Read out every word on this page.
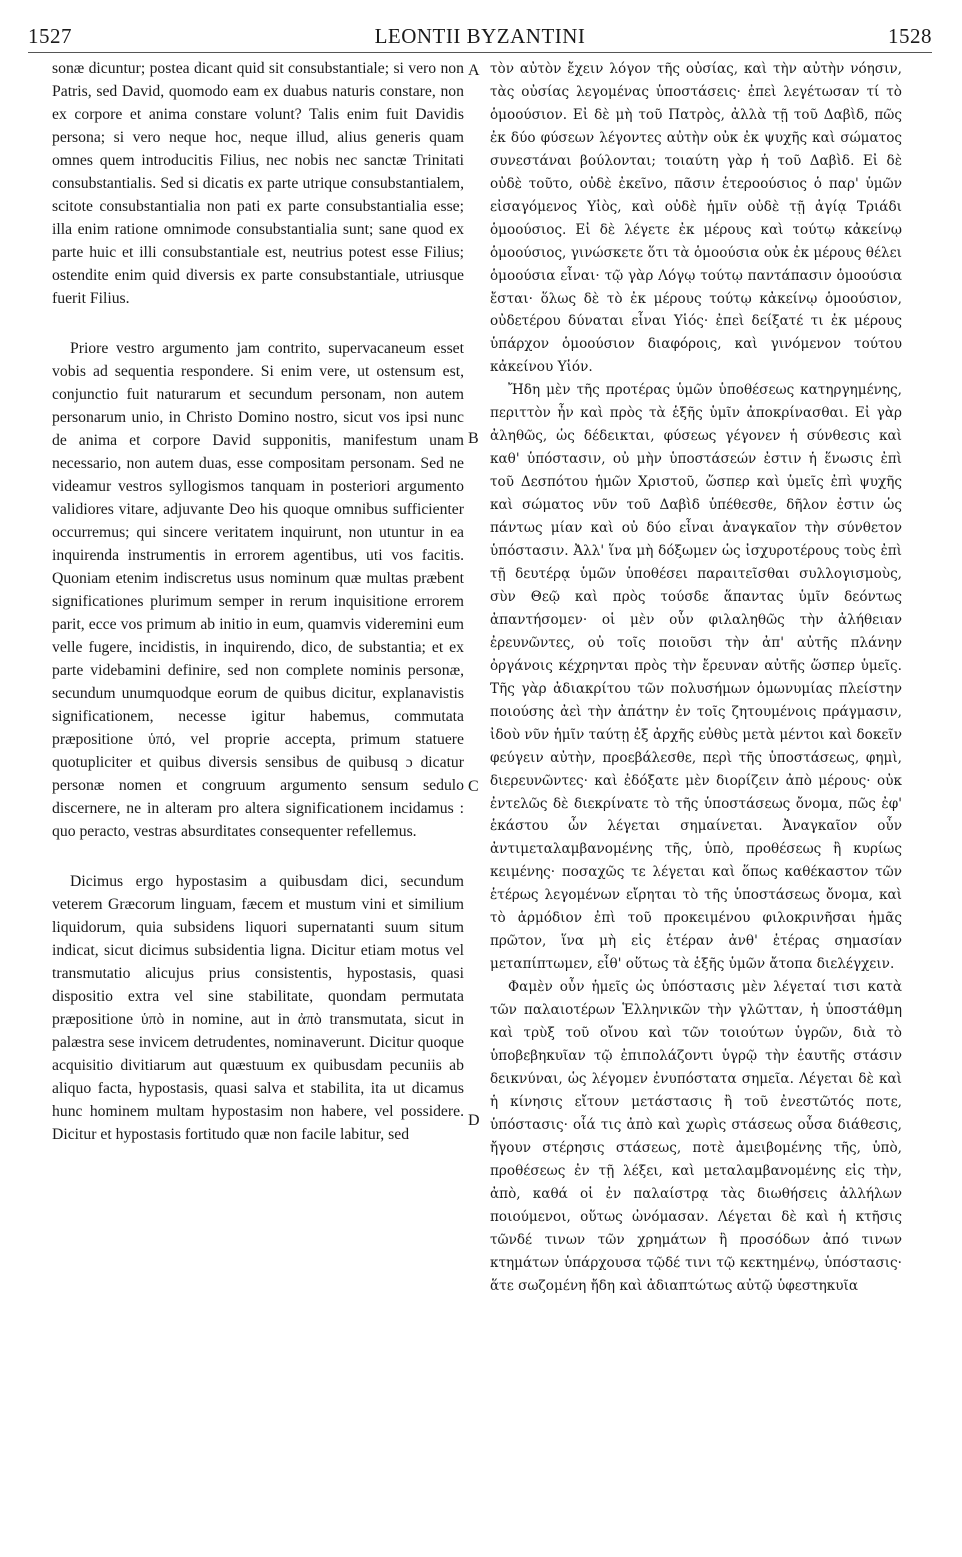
1527	LEONTII BYZANTINI	1528
A
B
C
D

sonæ dicuntur; postea dicant quid sit consubstantiale; si vero non Patris, sed David, quomodo eam ex duabus naturis constare, non ex corpore et anima constare volunt? Talis enim fuit Davidis persona; si vero neque hoc, neque illud, alius generis quam omnes quem introducitis Filius, nec nobis nec sanctæ Trinitati consubstantialis. Sed si dicatis ex parte utrique consubstantialem, scitote consubstantialia non pati ex parte consubstantialia esse; illa enim ratione omnimode consubstantialia sunt; sane quod ex parte huic et illi consubstantiale est, neutrius potest esse Filius; ostendite enim quid diversis ex parte consubstantiale, utriusque fuerit Filius.

Priore vestro argumento jam contrito, supervacaneum esset vobis ad sequentia respondere. Si enim vere, ut ostensum est, conjunctio fuit naturarum et secundum personam, non autem personarum unio, in Christo Domino nostro, sicut vos ipsi nunc de anima et corpore David supponitis, manifestum unam necessario, non autem duas, esse compositam personam. Sed ne videamur vestros syllogismos tanquam in posteriori argumento validiores vitare, adjuvante Deo his quoque omnibus sufficienter occurremus; qui sincere veritatem inquirunt, non utuntur in ea inquirenda instrumentis in errorem agentibus, uti vos facitis. Quoniam etenim indiscretus usus nominum quæ multas præbent significationes plurimum semper in rerum inquisitione errorem parit, ecce vos primum ab initio in eum, quamvis videremini eum velle fugere, incidistis, in inquirendo, dico, de substantia; et ex parte videbamini definire, sed non complete nominis personæ, secundum unumquodque eorum de quibus dicitur, explanavistis significationem, necesse igitur habemus, commutata præpositione ὑπό, vel proprie accepta, primum statuere quotupliciter et quibus diversis sensibus de quibusq ɔ dicatur personæ nomen et congruum argumento sensum sedulo discernere, ne in alteram pro altera significationem incidamus : quo peracto, vestras absurditates consequenter refellemus.

Dicimus ergo hypostasim a quibusdam dici, secundum veterem Græcorum linguam, fæcem et mustum vini et similium liquidorum, quia subsidens liquori supernatanti suum situm indicat, sicut dicimus subsidentia ligna. Dicitur etiam motus vel transmutatio alicujus prius consistentis, hypostasis, quasi dispositio extra vel sine stabilitate, quondam permutata præpositione ὑπὸ in nomine, aut in ἀπὸ transmutata, sicut in palæstra sese invicem detrudentes, nominaverunt. Dicitur quoque acquisitio divitiarum aut quæstuum ex quibusdam pecuniis ab aliquo facta, hypostasis, quasi salva et stabilita, ita ut dicamus hunc hominem multam hypostasim non habere, vel possidere. Dicitur et hypostasis fortitudo quæ non facile labitur, sed

τὸν αὐτὸν ἔχειν λόγον τῆς οὐσίας, καὶ τὴν αὐτὴν νόησιν, τὰς οὐσίας λεγομένας ὑποστάσεις· ἐπεὶ λεγέτωσαν τί τὸ ὁμοούσιον. Εἰ δὲ μὴ τοῦ Πατρὸς, ἀλλὰ τῇ τοῦ Δαβὶδ, πῶς ἐκ δύο φύσεων λέγοντες αὐτὴν οὐκ ἐκ ψυχῆς καὶ σώματος συνεστάναι βούλονται; τοιαύτη γὰρ ἡ τοῦ Δαβὶδ. Εἰ δὲ οὐδὲ τοῦτο, οὐδὲ ἐκεῖνο, πᾶσιν ἑτεροούσιος ὁ παρ' ὑμῶν εἰσαγόμενος Υἱὸς, καὶ οὐδὲ ἡμῖν οὐδὲ τῇ ἁγίᾳ Τριάδι ὁμοούσιος. Εἰ δὲ λέγετε ἐκ μέρους καὶ τούτῳ κἀκείνῳ ὁμοούσιος, γινώσκετε ὅτι τὰ ὁμοούσια οὐκ ἐκ μέρους θέλει ὁμοούσια εἶναι· τῷ γὰρ Λόγῳ τούτῳ παντάπασιν ὁμοούσια ἔσται· ὅλως δὲ τὸ ἐκ μέρους τούτῳ κἀκείνῳ ὁμοούσιον, οὐδετέρου δύναται εἶναι Υἱός· ἐπεὶ δείξατέ τι ἐκ μέρους ὑπάρχον ὁμοούσιον διαφόροις, καὶ γινόμενον τούτου κἀκείνου Υἱόν.

Ἤδη μὲν τῆς προτέρας ὑμῶν ὑποθέσεως κατηργημένης, περιττὸν ἦν καὶ πρὸς τὰ ἑξῆς ὑμῖν ἀποκρίνασθαι. Εἰ γὰρ ἀληθῶς, ὡς δέδεικται, φύσεως γέγονεν ἡ σύνθεσις καὶ καθ' ὑπόστασιν, οὐ μὴν ὑποστάσεών ἐστιν ἡ ἕνωσις ἐπὶ τοῦ Δεσπότου ἡμῶν Χριστοῦ, ὥσπερ καὶ ὑμεῖς ἐπὶ ψυχῆς καὶ σώματος νῦν τοῦ Δαβὶδ ὑπέθεσθε, δῆλον ἐστιν ὡς πάντως μίαν καὶ οὐ δύο εἶναι ἀναγκαῖον τὴν σύνθετον ὑπόστασιν. Ἀλλ' ἵνα μὴ δόξωμεν ὡς ἰσχυροτέρους τοὺς ἐπὶ τῇ δευτέρᾳ ὑμῶν ὑποθέσει παραιτεῖσθαι συλλογισμοὺς, σὺν Θεῷ καὶ πρὸς τούσδε ἅπαντας ὑμῖν δεόντως ἀπαντήσομεν· οἱ μὲν οὖν φιλαληθῶς τὴν ἀλήθειαν ἐρευνῶντες, οὐ τοῖς ποιοῦσι τὴν ἀπ' αὐτῆς πλάνην ὀργάνοις κέχρηνται πρὸς τὴν ἔρευναν αὐτῆς ὥσπερ ὑμεῖς. Τῆς γὰρ ἀδιακρίτου τῶν πολυσήμων ὁμωνυμίας πλείστην ποιούσης ἀεὶ τὴν ἀπάτην ἐν τοῖς ζητουμένοις πράγμασιν, ἰδοὺ νῦν ἡμῖν ταύτῃ ἐξ ἀρχῆς εὐθὺς μετὰ μέντοι καὶ δοκεῖν φεύγειν αὐτὴν, προεβάλεσθε, περὶ τῆς ὑποστάσεως, φημὶ, διερευνῶντες· καὶ ἐδόξατε μὲν διορίζειν ἀπὸ μέρους· οὐκ ἐντελῶς δὲ διεκρίνατε τὸ τῆς ὑποστάσεως ὄνομα, πῶς ἐφ' ἑκάστου ὧν λέγεται σημαίνεται. Ἀναγκαῖον οὖν ἀντιμεταλαμβανομένης τῆς, ὑπὸ, προθέσεως ἢ κυρίως κειμένης· ποσαχῶς τε λέγεται καὶ ὅπως καθέκαστον τῶν ἑτέρως λεγομένων εἴρηται τὸ τῆς ὑποστάσεως ὄνομα, καὶ τὸ ἁρμόδιον ἐπὶ τοῦ προκειμένου φιλοκρινῆσαι ἡμᾶς πρῶτον, ἵνα μὴ εἰς ἑτέραν ἀνθ' ἑτέρας σημασίαν μεταπίπτωμεν, εἶθ' οὕτως τὰ ἑξῆς ὑμῶν ἄτοπα διελέγχειν.

Φαμὲν οὖν ἡμεῖς ὡς ὑπόστασις μὲν λέγεταί τισι κατὰ τῶν παλαιοτέρων Ἑλληνικῶν τὴν γλῶτταν, ἡ ὑποστάθμη καὶ τρὺξ τοῦ οἴνου καὶ τῶν τοιούτων ὑγρῶν, διὰ τὸ ὑποβεβηκυῖαν τῷ ἐπιπολάζοντι ὑγρῷ τὴν ἑαυτῆς στάσιν δεικνύναι, ὡς λέγομεν ἐνυπόστατα σημεῖα. Λέγεται δὲ καὶ ἡ κίνησις εἴτουν μετάστασις ἢ τοῦ ἐνεστῶτός ποτε, ὑπόστασις· οἷά τις ἀπὸ καὶ χωρὶς στάσεως οὖσα διάθεσις, ἤγουν στέρησις στάσεως, ποτὲ ἀμειβομένης τῆς, ὑπὸ, προθέσεως ἐν τῇ λέξει, καὶ μεταλαμβανομένης εἰς τὴν, ἀπὸ, καθά οἱ ἐν παλαίστρᾳ τὰς διωθήσεις ἀλλήλων ποιούμενοι, οὕτως ὠνόμασαν. Λέγεται δὲ καὶ ἡ κτῆσις τῶνδέ τινων τῶν χρημάτων ἢ προσόδων ἀπό τινων κτημάτων ὑπάρχουσα τῷδέ τινι τῷ κεκτημένῳ, ὑπόστασις· ἅτε σωζομένη ἤδη καὶ ἀδιαπτώτως αὐτῷ ὑφεστηκυῖα
